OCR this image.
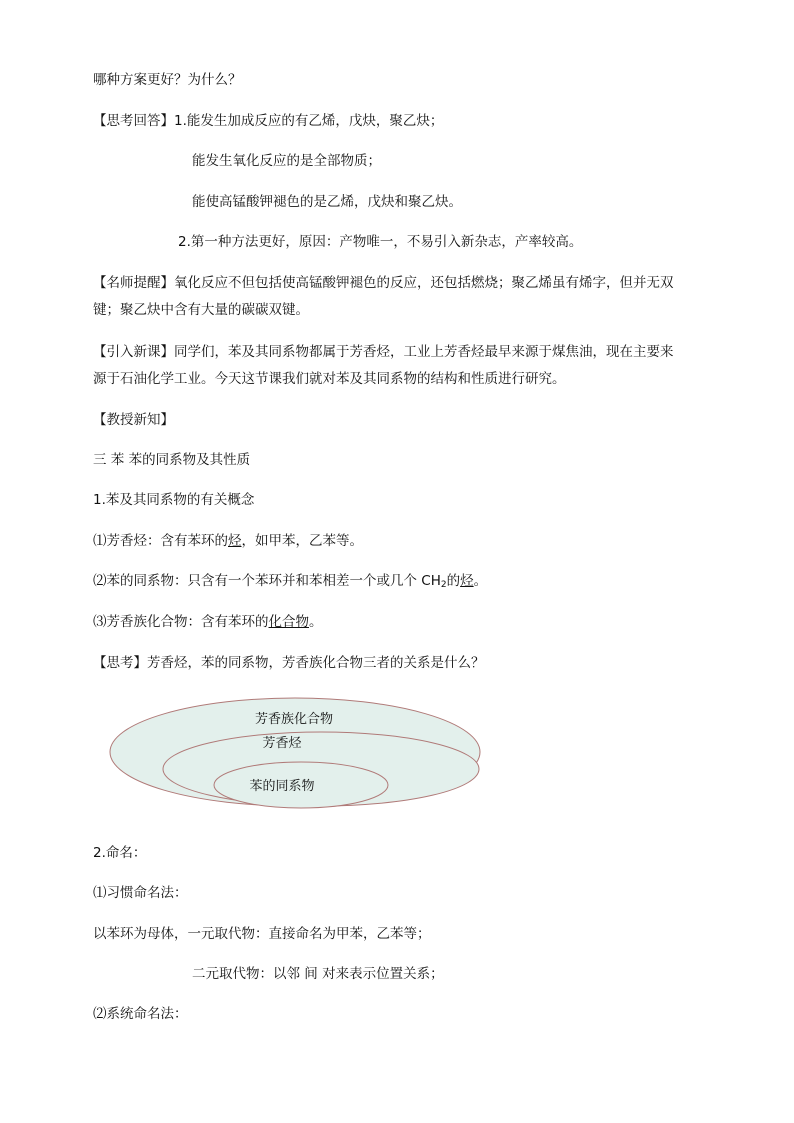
哪种方案更好？为什么？
【思考回答】1.能发生加成反应的有乙烯，戊炔，聚乙炔；
能发生氧化反应的是全部物质；
能使高锰酸钾褪色的是乙烯，戊炔和聚乙炔。
2.第一种方法更好，原因：产物唯一，不易引入新杂志，产率较高。
【名师提醒】氧化反应不但包括使高锰酸钾褪色的反应，还包括燃烧；聚乙烯虽有烯字，但并无双
键；聚乙炔中含有大量的碳碳双键。
【引入新课】同学们，苯及其同系物都属于芳香烃，工业上芳香烃最早来源于煤焦油，现在主要来
源于石油化学工业。今天这节课我们就对苯及其同系物的结构和性质进行研究。
【教授新知】
三 苯 苯的同系物及其性质
1.苯及其同系物的有关概念
⑴芳香烃：含有苯环的烃，如甲苯，乙苯等。
⑵苯的同系物：只含有一个苯环并和苯相差一个或几个 $CH_2$的烃。
⑶芳香族化合物：含有苯环的化合物。
【思考】芳香烃，苯的同系物，芳香族化合物三者的关系是什么？
芳香族化合物
芳香烃
苯的同系物
2.命名：
⑴习惯命名法：
以苯环为母体，一元取代物：直接命名为甲苯，乙苯等；
二元取代物：以邻 间 对来表示位置关系；
⑵系统命名法：
